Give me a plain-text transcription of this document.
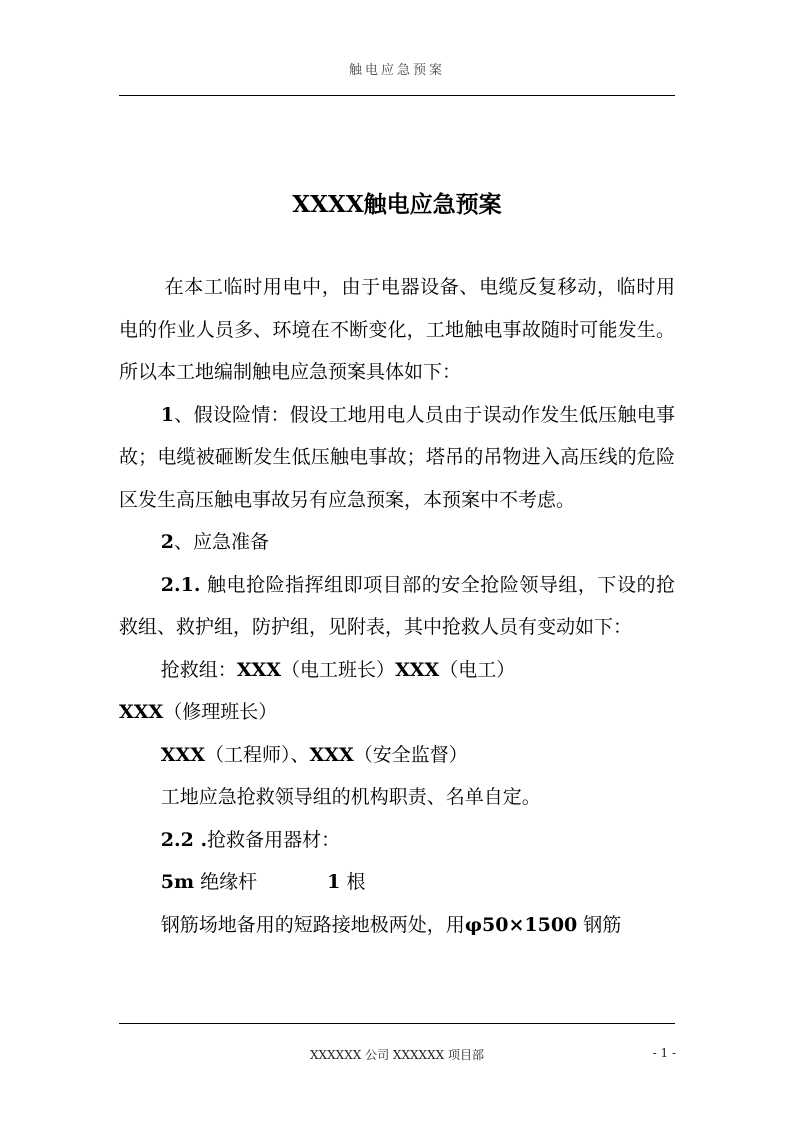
触电应急预案
XXXX触电应急预案

在本工临时用电中，由于电器设备、电缆反复移动，临时用电的作业人员多、环境在不断变化，工地触电事故随时可能发生。所以本工地编制触电应急预案具体如下：

1、假设险情：假设工地用电人员由于误动作发生低压触电事故；电缆被砸断发生低压触电事故；塔吊的吊物进入高压线的危险区发生高压触电事故另有应急预案，本预案中不考虑。

2、应急准备

2.1. 触电抢险指挥组即项目部的安全抢险领导组，下设的抢救组、救护组，防护组，见附表，其中抢救人员有变动如下：

抢救组：XXX（电工班长）XXX（电工）

XXX（修理班长）

XXX（工程师）、XXX（安全监督）

工地应急抢救领导组的机构职责、名单自定。

2.2 .抢救备用器材：

5m 绝缘杆	1 根

钢筋场地备用的短路接地极两处，用φ50×1500 钢筋

XXXXXX 公司 XXXXXX 项目部	- 1 -
